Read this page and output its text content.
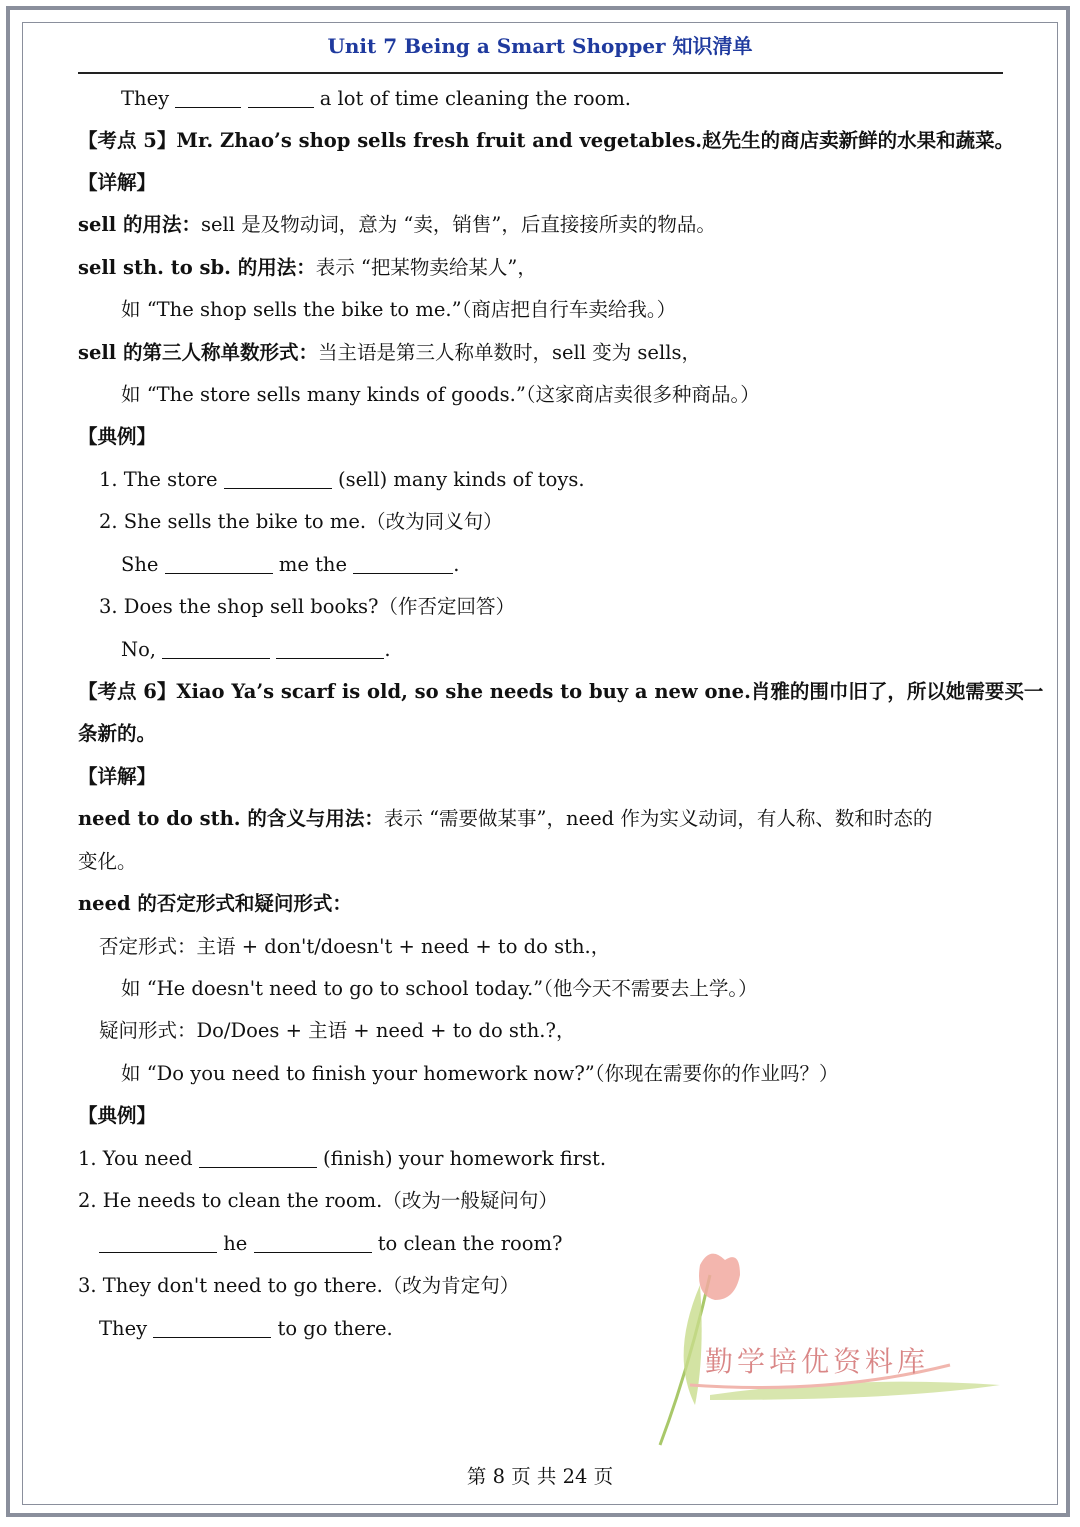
Unit 7 Being a Smart Shopper 知识清单
They	a lot of time cleaning the room.
【考点 5】Mr. Zhao’s shop sells fresh fruit and vegetables.赵先生的商店卖新鲜的水果和蔬菜。
【详解】
sell 的用法：sell 是及物动词，意为 “卖，销售”，后直接接所卖的物品。
sell sth. to sb. 的用法：表示 “把某物卖给某人”，
如 “The shop sells the bike to me.”（商店把自行车卖给我。）
sell 的第三人称单数形式：当主语是第三人称单数时，sell 变为 sells，
如 “The store sells many kinds of goods.”（这家商店卖很多种商品。）
【典例】
1. The store	(sell) many kinds of toys.
2. She sells the bike to me.（改为同义句）
She	me the	.
3. Does the shop sell books?（作否定回答）
No,	.
【考点 6】Xiao Ya’s scarf is old, so she needs to buy a new one.肖雅的围巾旧了，所以她需要买一
条新的。
【详解】
need to do sth. 的含义与用法：表示 “需要做某事”，need 作为实义动词，有人称、数和时态的
变化。
need 的否定形式和疑问形式：
否定形式：主语 + don't/doesn't + need + to do sth.，
如 “He doesn't need to go to school today.”（他今天不需要去上学。）
疑问形式：Do/Does + 主语 + need + to do sth.?，
如 “Do you need to finish your homework now?”（你现在需要你的作业吗？）
【典例】
1. You need	(finish) your homework first.
2. He needs to clean the room.（改为一般疑问句）
he	to clean the room?
3. They don't need to go there.（改为肯定句）
They	to go there.
勤学培优资料库
第 8 页 共 24 页
